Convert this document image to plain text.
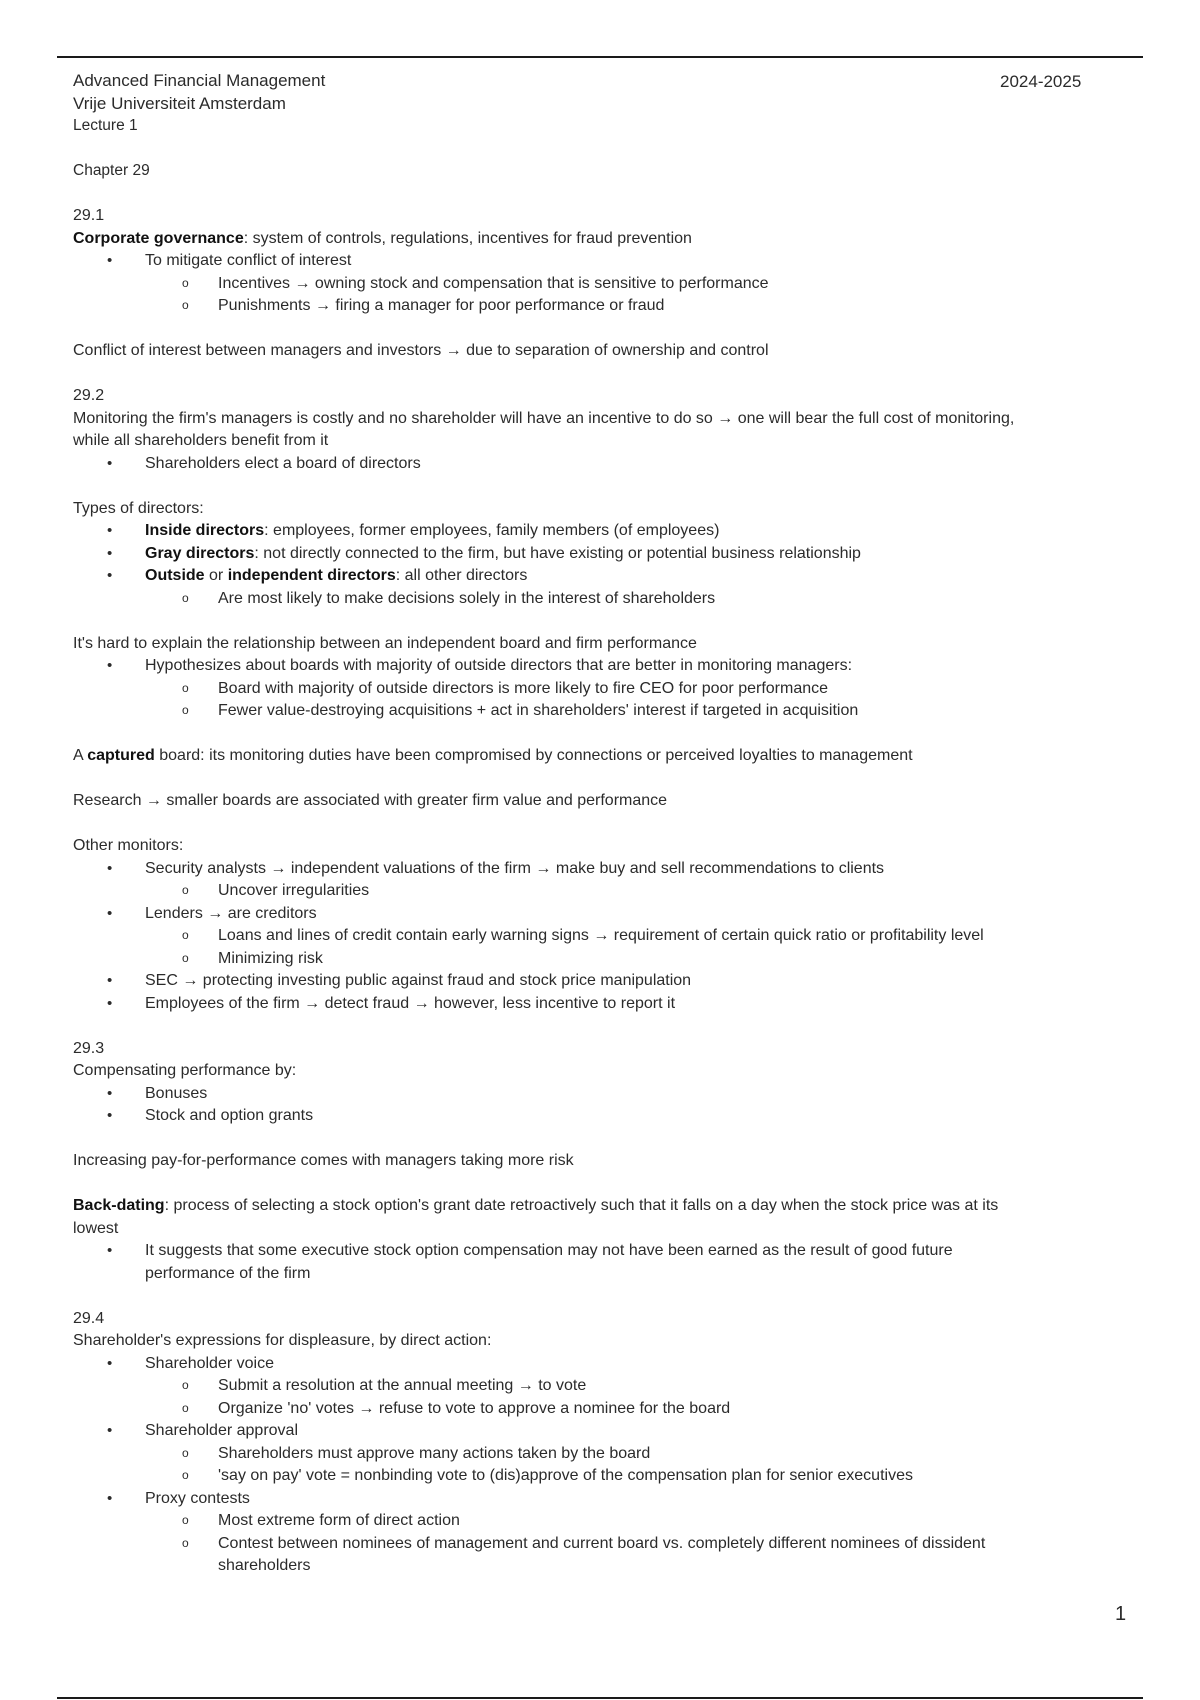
2024-2025
Advanced Financial Management
Vrije Universiteit Amsterdam
Lecture 1
Chapter 29
29.1
Corporate governance: system of controls, regulations, incentives for fraud prevention
• To mitigate conflict of interest
o Incentives → owning stock and compensation that is sensitive to performance
o Punishments → firing a manager for poor performance or fraud
Conflict of interest between managers and investors → due to separation of ownership and control
29.2
Monitoring the firm's managers is costly and no shareholder will have an incentive to do so → one will bear the full cost of monitoring,
while all shareholders benefit from it
• Shareholders elect a board of directors
Types of directors:
• Inside directors: employees, former employees, family members (of employees)
• Gray directors: not directly connected to the firm, but have existing or potential business relationship
• Outside or independent directors: all other directors
o Are most likely to make decisions solely in the interest of shareholders
It's hard to explain the relationship between an independent board and firm performance
• Hypothesizes about boards with majority of outside directors that are better in monitoring managers:
o Board with majority of outside directors is more likely to fire CEO for poor performance
o Fewer value-destroying acquisitions + act in shareholders' interest if targeted in acquisition
A captured board: its monitoring duties have been compromised by connections or perceived loyalties to management
Research → smaller boards are associated with greater firm value and performance
Other monitors:
• Security analysts → independent valuations of the firm → make buy and sell recommendations to clients
o Uncover irregularities
• Lenders → are creditors
o Loans and lines of credit contain early warning signs → requirement of certain quick ratio or profitability level
o Minimizing risk
• SEC → protecting investing public against fraud and stock price manipulation
• Employees of the firm → detect fraud → however, less incentive to report it
29.3
Compensating performance by:
• Bonuses
• Stock and option grants
Increasing pay-for-performance comes with managers taking more risk
Back-dating: process of selecting a stock option's grant date retroactively such that it falls on a day when the stock price was at its
lowest
• It suggests that some executive stock option compensation may not have been earned as the result of good future
performance of the firm
29.4
Shareholder's expressions for displeasure, by direct action:
• Shareholder voice
o Submit a resolution at the annual meeting → to vote
o Organize 'no' votes → refuse to vote to approve a nominee for the board
• Shareholder approval
o Shareholders must approve many actions taken by the board
o 'say on pay' vote = nonbinding vote to (dis)approve of the compensation plan for senior executives
• Proxy contests
o Most extreme form of direct action
o Contest between nominees of management and current board vs. completely different nominees of dissident
shareholders
1
